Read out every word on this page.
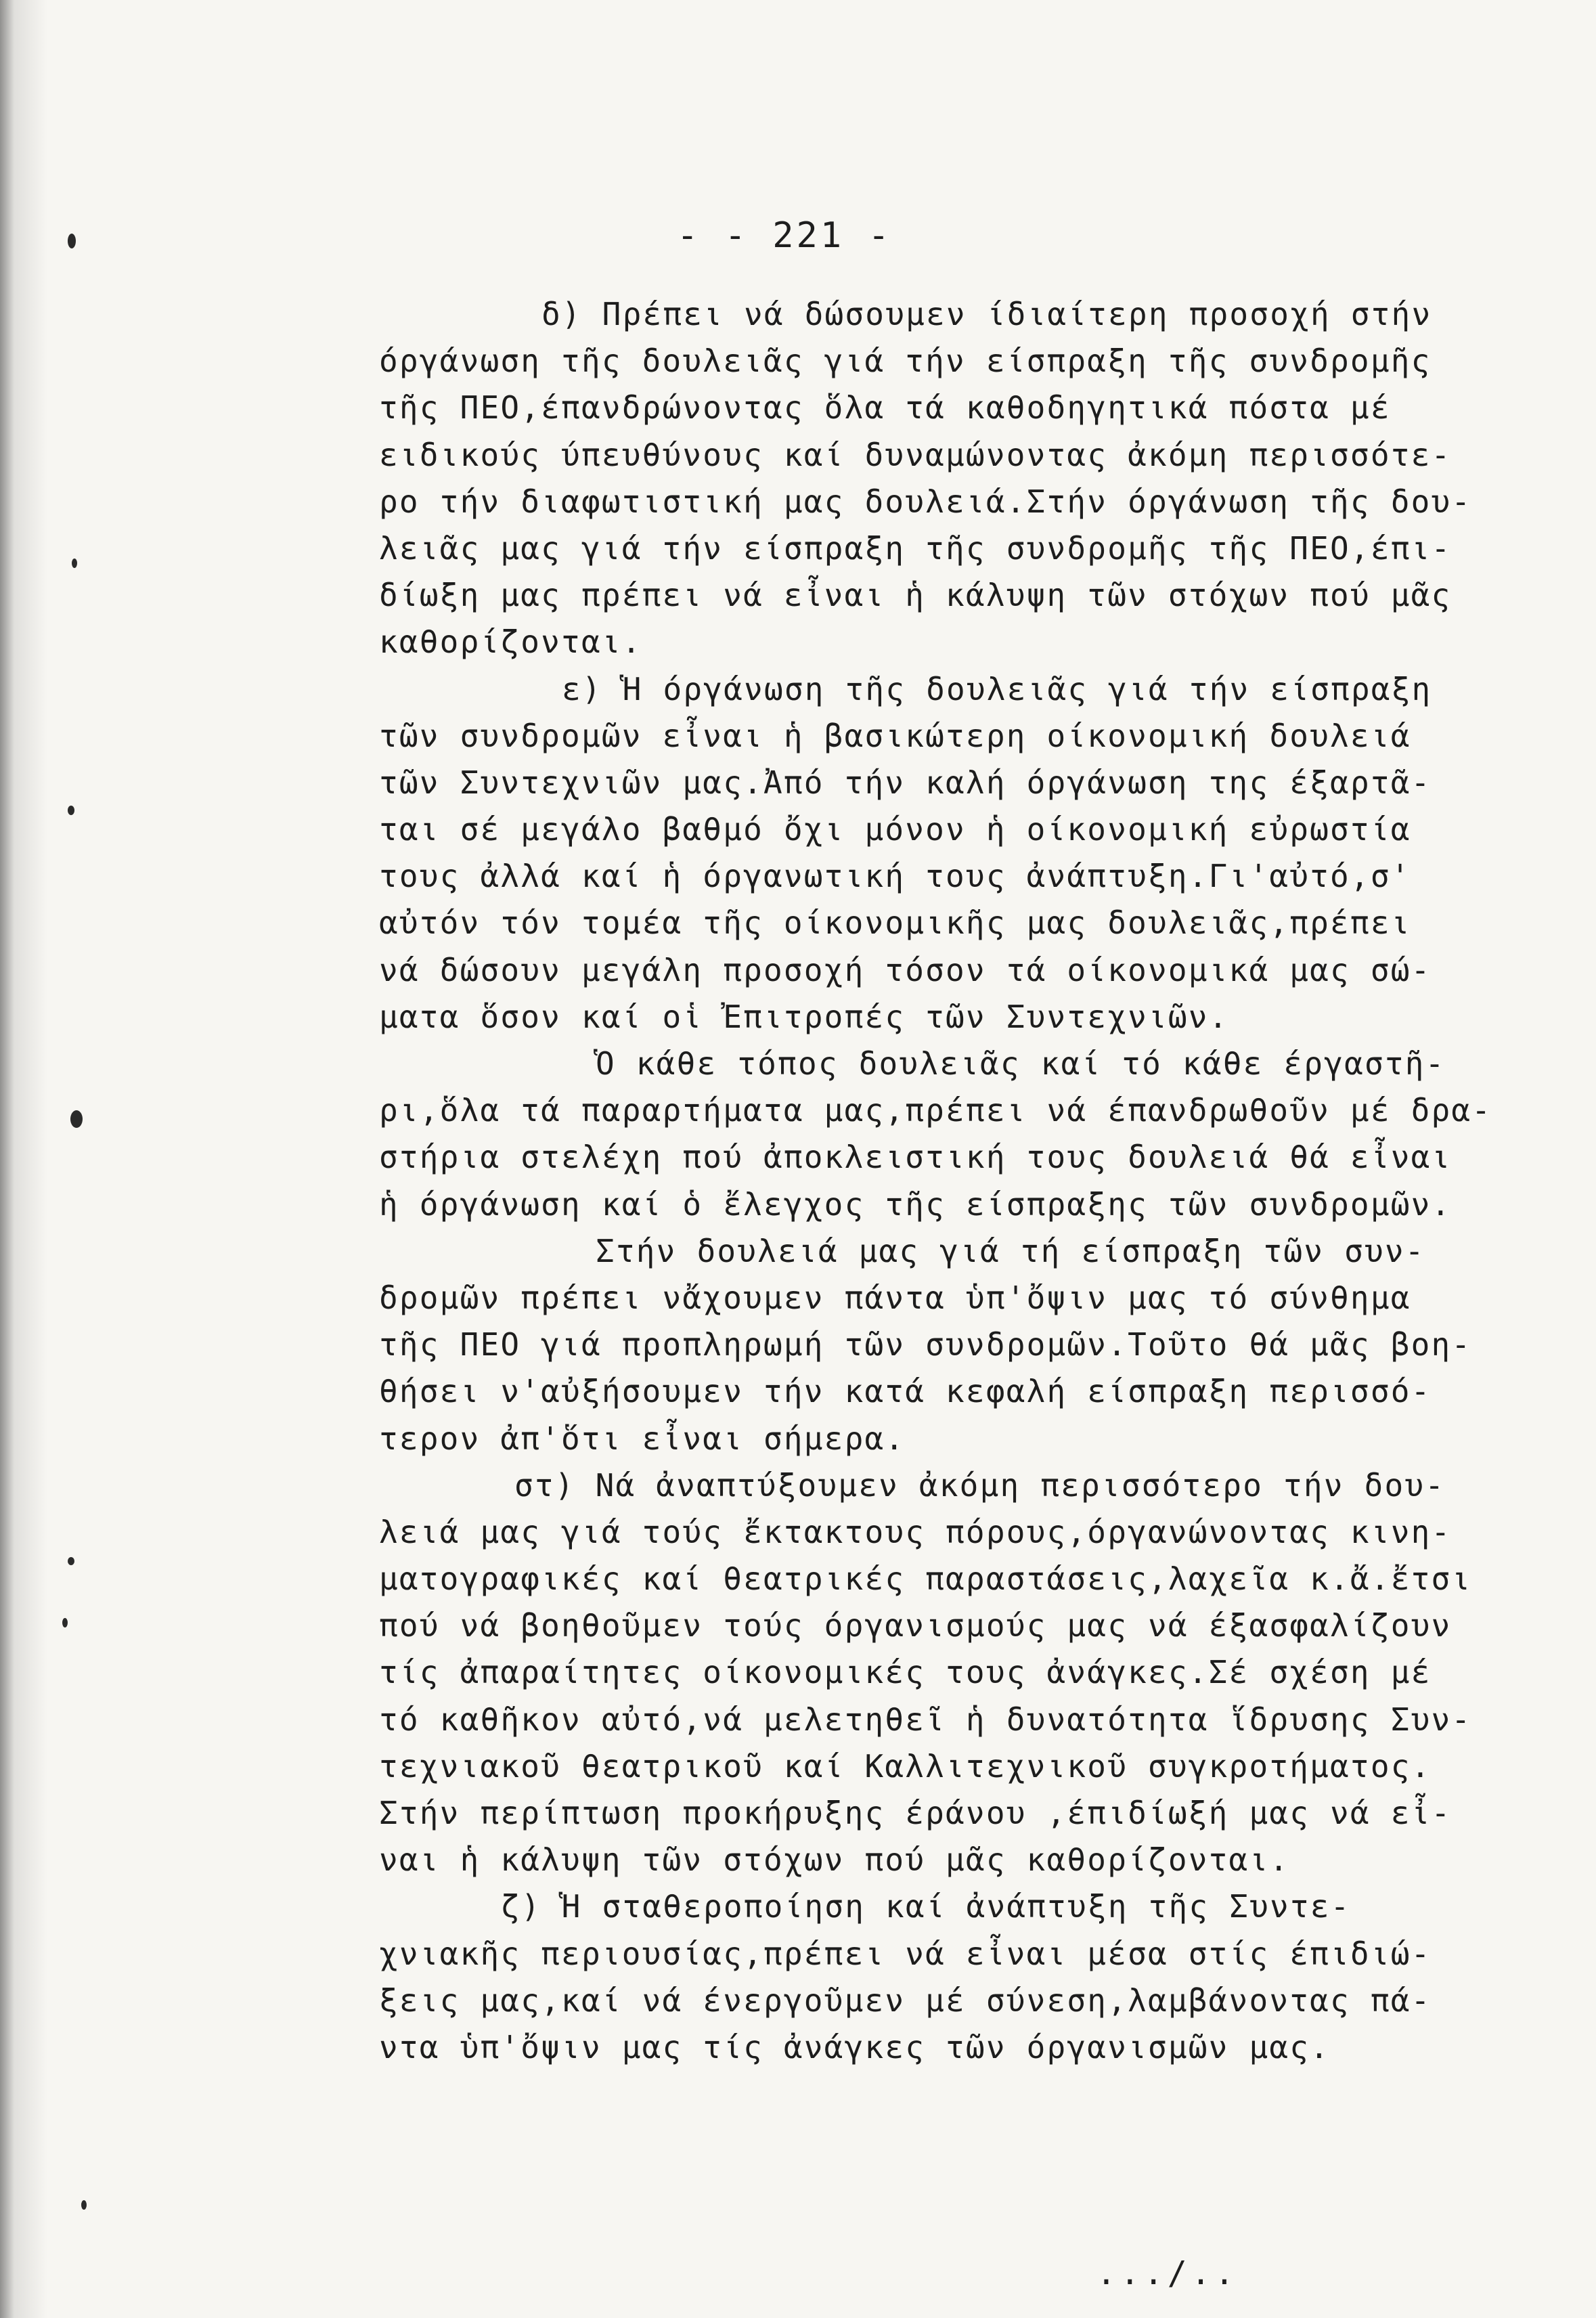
- - 221 -
δ) Πρέπει νά δώσουμεν ίδιαίτερη προσοχή στήν
όργάνωση τῆς δουλειᾶς γιά τήν είσπραξη τῆς συνδρομῆς
τῆς ΠΕΟ,έπανδρώνοντας ὅλα τά καθοδηγητικά πόστα μέ
ειδικούς ύπευθύνους καί δυναμώνοντας ἀκόμη περισσότε-
ρο τήν διαφωτιστική μας δουλειά.Στήν όργάνωση τῆς δου-
λειᾶς μας γιά τήν είσπραξη τῆς συνδρομῆς τῆς ΠΕΟ,έπι-
δίωξη μας πρέπει νά εἶναι ἡ κάλυψη τῶν στόχων πού μᾶς
καθορίζονται.
ε) Ἡ όργάνωση τῆς δουλειᾶς γιά τήν είσπραξη
τῶν συνδρομῶν εἶναι ἡ βασικώτερη οίκονομική δουλειά
τῶν Συντεχνιῶν μας.Ἀπό τήν καλή όργάνωση της έξαρτᾶ-
ται σέ μεγάλο βαθμό ὄχι μόνον ἡ οίκονομική εὐρωστία
τους ἀλλά καί ἡ όργανωτική τους ἀνάπτυξη.Γι'αὐτό,σ'
αὐτόν τόν τομέα τῆς οίκονομικῆς μας δουλειᾶς,πρέπει
νά δώσουν μεγάλη προσοχή τόσον τά οίκονομικά μας σώ-
ματα ὅσον καί οἱ Ἐπιτροπές τῶν Συντεχνιῶν.
Ὁ κάθε τόπος δουλειᾶς καί τό κάθε έργαστῆ-
ρι,ὅλα τά παραρτήματα μας,πρέπει νά έπανδρωθοῦν μέ δρα-
στήρια στελέχη πού ἀποκλειστική τους δουλειά θά εἶναι
ἡ όργάνωση καί ὁ ἔλεγχος τῆς είσπραξης τῶν συνδρομῶν.
Στήν δουλειά μας γιά τή είσπραξη τῶν συν-
δρομῶν πρέπει νἄχουμεν πάντα ὑπ'ὄψιν μας τό σύνθημα
τῆς ΠΕΟ γιά προπληρωμή τῶν συνδρομῶν.Τοῦτο θά μᾶς βοη-
θήσει ν'αὐξήσουμεν τήν κατά κεφαλή είσπραξη περισσό-
τερον ἀπ'ὅτι εἶναι σήμερα.
στ) Νά ἀναπτύξουμεν ἀκόμη περισσότερο τήν δου-
λειά μας γιά τούς ἔκτακτους πόρους,όργανώνοντας κινη-
ματογραφικές καί θεατρικές παραστάσεις,λαχεῖα κ.ἄ.ἔτσι
πού νά βοηθοῦμεν τούς όργανισμούς μας νά έξασφαλίζουν
τίς ἀπαραίτητες οίκονομικές τους ἀνάγκες.Σέ σχέση μέ
τό καθῆκον αὐτό,νά μελετηθεῖ ἡ δυνατότητα ἵδρυσης Συν-
τεχνιακοῦ θεατρικοῦ καί Καλλιτεχνικοῦ συγκροτήματος.
Στήν περίπτωση προκήρυξης έράνου ,έπιδίωξή μας νά εἶ-
ναι ἡ κάλυψη τῶν στόχων πού μᾶς καθορίζονται.
ζ) Ἡ σταθεροποίηση καί ἀνάπτυξη τῆς Συντε-
χνιακῆς περιουσίας,πρέπει νά εἶναι μέσα στίς έπιδιώ-
ξεις μας,καί νά ένεργοῦμεν μέ σύνεση,λαμβάνοντας πά-
ντα ὑπ'ὄψιν μας τίς ἀνάγκες τῶν όργανισμῶν μας.
.../..
